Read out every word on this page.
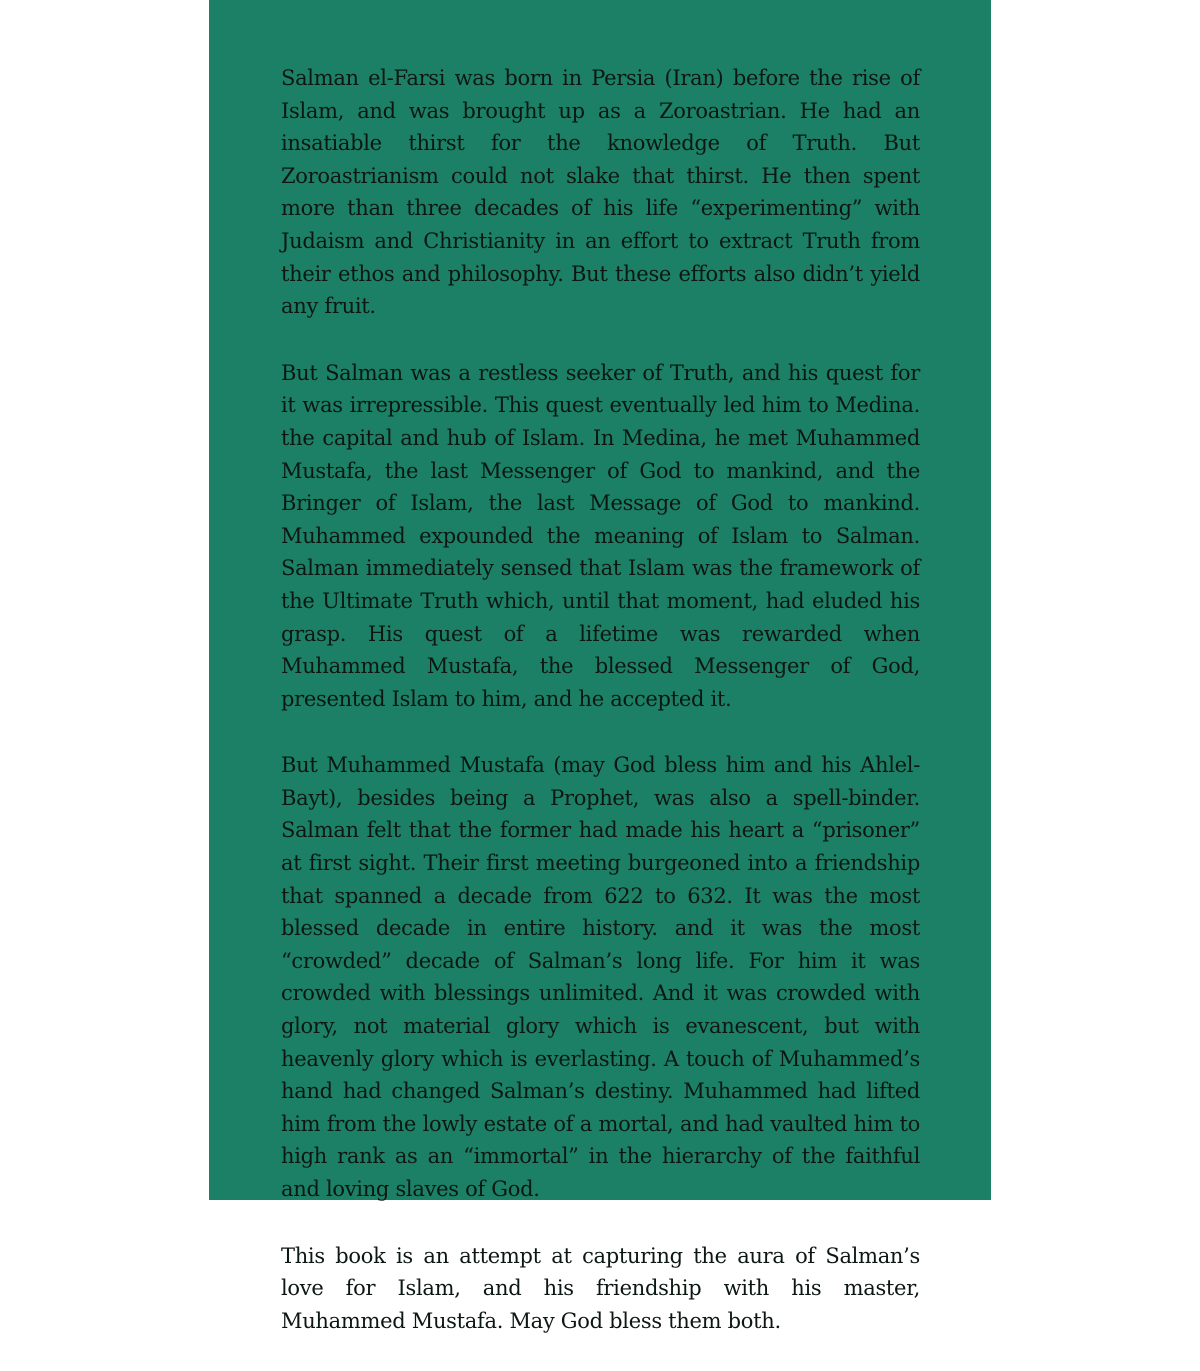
Salman el-Farsi was born in Persia (Iran) before the rise of Islam, and was brought up as a Zoroastrian. He had an insatiable thirst for the knowledge of Truth. But Zoroastrianism could not slake that thirst. He then spent more than three decades of his life “experimenting” with Judaism and Christianity in an effort to extract Truth from their ethos and philosophy. But these efforts also didn’t yield any fruit.

But Salman was a restless seeker of Truth, and his quest for it was irrepressible. This quest eventually led him to Medina. the capital and hub of Islam. In Medina, he met Muhammed Mustafa, the last Messenger of God to mankind, and the Bringer of Islam, the last Message of God to mankind. Muhammed expounded the meaning of Islam to Salman. Salman immediately sensed that Islam was the framework of the Ultimate Truth which, until that moment, had eluded his grasp. His quest of a lifetime was rewarded when Muhammed Mustafa, the blessed Messenger of God, presented Islam to him, and he accepted it.

But Muhammed Mustafa (may God bless him and his Ahlel-Bayt), besides being a Prophet, was also a spell-binder. Salman felt that the former had made his heart a “prisoner” at first sight. Their first meeting burgeoned into a friendship that spanned a decade from 622 to 632. It was the most blessed decade in entire history. and it was the most “crowded” decade of Salman’s long life. For him it was crowded with blessings unlimited. And it was crowded with glory, not material glory which is evanescent, but with heavenly glory which is everlasting. A touch of Muhammed’s hand had changed Salman’s destiny. Muhammed had lifted him from the lowly estate of a mortal, and had vaulted him to high rank as an “immortal” in the hierarchy of the faithful and loving slaves of God.

This book is an attempt at capturing the aura of Salman’s love for Islam, and his friendship with his master, Muhammed Mustafa. May God bless them both.
